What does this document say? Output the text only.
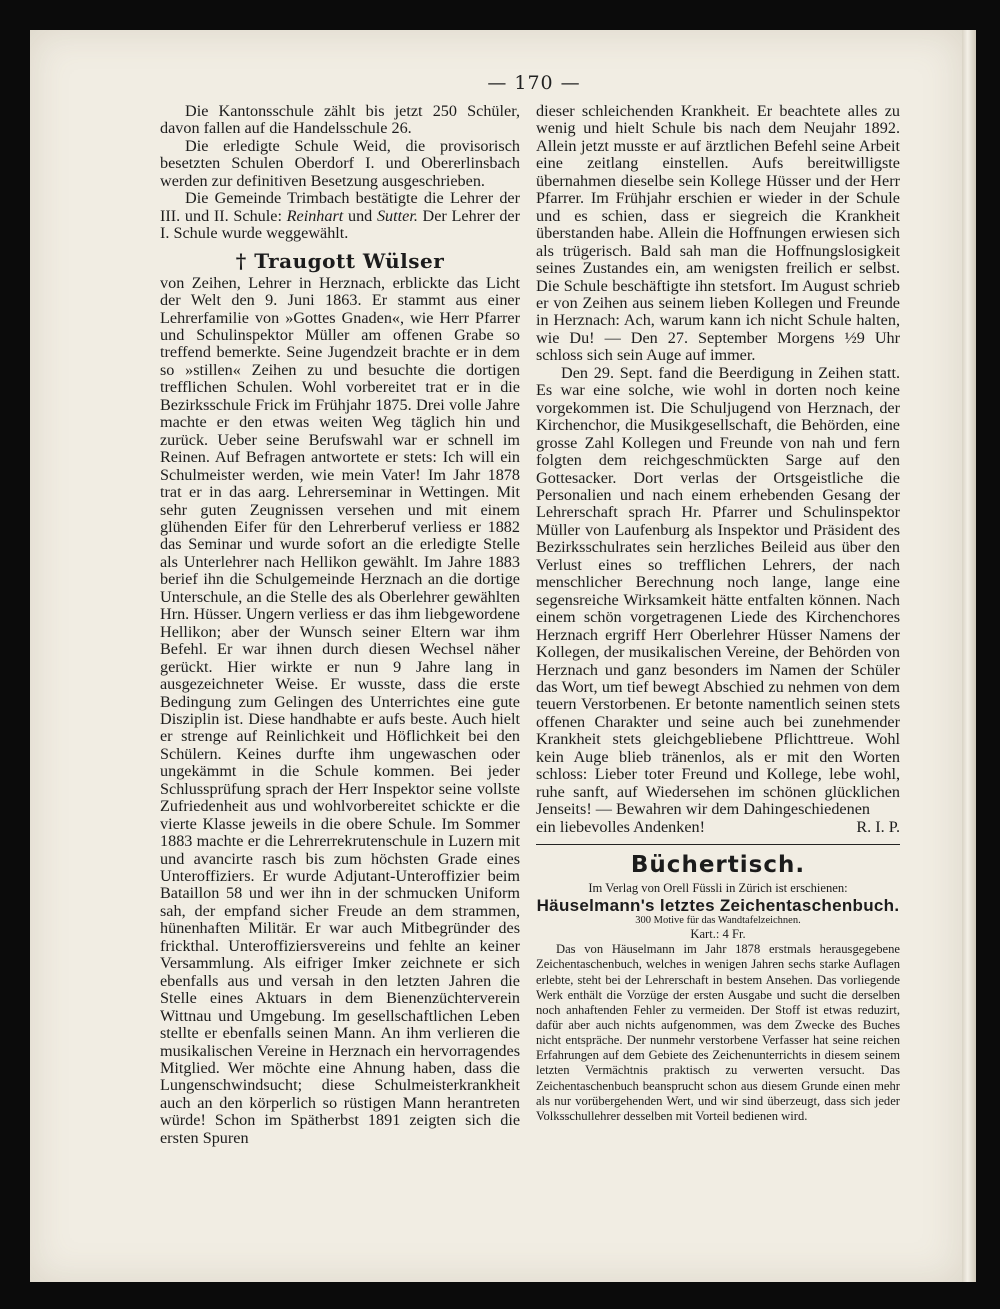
— 170 —

Die Kantonsschule zählt bis jetzt 250 Schüler, davon fallen auf die Handelsschule 26.

Die erledigte Schule Weid, die provisorisch besetzten Schulen Oberdorf I. und Obererlinsbach werden zur definitiven Besetzung ausgeschrieben.

Die Gemeinde Trimbach bestätigte die Lehrer der III. und II. Schule: Reinhart und Sutter. Der Lehrer der I. Schule wurde weggewählt.

† Traugott Wülser

von Zeihen, Lehrer in Herznach, erblickte das Licht der Welt den 9. Juni 1863. Er stammt aus einer Lehrerfamilie von »Gottes Gnaden«, wie Herr Pfarrer und Schulinspektor Müller am offenen Grabe so treffend bemerkte. Seine Jugendzeit brachte er in dem so »stillen« Zeihen zu und besuchte die dortigen trefflichen Schulen. Wohl vorbereitet trat er in die Bezirksschule Frick im Frühjahr 1875. Drei volle Jahre machte er den etwas weiten Weg täglich hin und zurück. Ueber seine Berufswahl war er schnell im Reinen. Auf Befragen antwortete er stets: Ich will ein Schulmeister werden, wie mein Vater! Im Jahr 1878 trat er in das aarg. Lehrerseminar in Wettingen. Mit sehr guten Zeugnissen versehen und mit einem glühenden Eifer für den Lehrerberuf verliess er 1882 das Seminar und wurde sofort an die erledigte Stelle als Unterlehrer nach Hellikon gewählt. Im Jahre 1883 berief ihn die Schulgemeinde Herznach an die dortige Unterschule, an die Stelle des als Oberlehrer gewählten Hrn. Hüsser. Ungern verliess er das ihm liebgewordene Hellikon; aber der Wunsch seiner Eltern war ihm Befehl. Er war ihnen durch diesen Wechsel näher gerückt. Hier wirkte er nun 9 Jahre lang in ausgezeichneter Weise. Er wusste, dass die erste Bedingung zum Gelingen des Unterrichtes eine gute Disziplin ist. Diese handhabte er aufs beste. Auch hielt er strenge auf Reinlichkeit und Höflichkeit bei den Schülern. Keines durfte ihm ungewaschen oder ungekämmt in die Schule kommen. Bei jeder Schlussprüfung sprach der Herr Inspektor seine vollste Zufriedenheit aus und wohlvorbereitet schickte er die vierte Klasse jeweils in die obere Schule. Im Sommer 1883 machte er die Lehrerrekrutenschule in Luzern mit und avancirte rasch bis zum höchsten Grade eines Unteroffiziers. Er wurde Adjutant-Unteroffizier beim Bataillon 58 und wer ihn in der schmucken Uniform sah, der empfand sicher Freude an dem strammen, hünenhaften Militär. Er war auch Mitbegründer des frickthal. Unteroffiziersvereins und fehlte an keiner Versammlung. Als eifriger Imker zeichnete er sich ebenfalls aus und versah in den letzten Jahren die Stelle eines Aktuars in dem Bienenzüchterverein Wittnau und Umgebung. Im gesellschaftlichen Leben stellte er ebenfalls seinen Mann. An ihm verlieren die musikalischen Vereine in Herznach ein hervorragendes Mitglied. Wer möchte eine Ahnung haben, dass die Lungenschwindsucht; diese Schulmeisterkrankheit auch an den körperlich so rüstigen Mann herantreten würde! Schon im Spätherbst 1891 zeigten sich die ersten Spuren

dieser schleichenden Krankheit. Er beachtete alles zu wenig und hielt Schule bis nach dem Neujahr 1892. Allein jetzt musste er auf ärztlichen Befehl seine Arbeit eine zeitlang einstellen. Aufs bereitwilligste übernahmen dieselbe sein Kollege Hüsser und der Herr Pfarrer. Im Frühjahr erschien er wieder in der Schule und es schien, dass er siegreich die Krankheit überstanden habe. Allein die Hoffnungen erwiesen sich als trügerisch. Bald sah man die Hoffnungslosigkeit seines Zustandes ein, am wenigsten freilich er selbst. Die Schule beschäftigte ihn stetsfort. Im August schrieb er von Zeihen aus seinem lieben Kollegen und Freunde in Herznach: Ach, warum kann ich nicht Schule halten, wie Du! — Den 27. September Morgens ½9 Uhr schloss sich sein Auge auf immer.

Den 29. Sept. fand die Beerdigung in Zeihen statt. Es war eine solche, wie wohl in dorten noch keine vorgekommen ist. Die Schuljugend von Herznach, der Kirchenchor, die Musikgesellschaft, die Behörden, eine grosse Zahl Kollegen und Freunde von nah und fern folgten dem reichgeschmückten Sarge auf den Gottesacker. Dort verlas der Ortsgeistliche die Personalien und nach einem erhebenden Gesang der Lehrerschaft sprach Hr. Pfarrer und Schulinspektor Müller von Laufenburg als Inspektor und Präsident des Bezirksschulrates sein herzliches Beileid aus über den Verlust eines so trefflichen Lehrers, der nach menschlicher Berechnung noch lange, lange eine segensreiche Wirksamkeit hätte entfalten können. Nach einem schön vorgetragenen Liede des Kirchenchores Herznach ergriff Herr Oberlehrer Hüsser Namens der Kollegen, der musikalischen Vereine, der Behörden von Herznach und ganz besonders im Namen der Schüler das Wort, um tief bewegt Abschied zu nehmen von dem teuern Verstorbenen. Er betonte namentlich seinen stets offenen Charakter und seine auch bei zunehmender Krankheit stets gleichgebliebene Pflichttreue. Wohl kein Auge blieb tränenlos, als er mit den Worten schloss: Lieber toter Freund und Kollege, lebe wohl, ruhe sanft, auf Wiedersehen im schönen glücklichen Jenseits! — Bewahren wir dem Dahingeschiedenen

ein liebevolles Andenken!	R. I. P.
Büchertisch.
Im Verlag von Orell Füssli in Zürich ist erschienen:
Häuselmann's letztes Zeichentaschenbuch.
300 Motive für das Wandtafelzeichnen.
Kart.: 4 Fr.

Das von Häuselmann im Jahr 1878 erstmals herausgegebene Zeichentaschenbuch, welches in wenigen Jahren sechs starke Auflagen erlebte, steht bei der Lehrerschaft in bestem Ansehen. Das vorliegende Werk enthält die Vorzüge der ersten Ausgabe und sucht die derselben noch anhaftenden Fehler zu vermeiden. Der Stoff ist etwas reduzirt, dafür aber auch nichts aufgenommen, was dem Zwecke des Buches nicht entspräche. Der nunmehr verstorbene Verfasser hat seine reichen Erfahrungen auf dem Gebiete des Zeichenunterrichts in diesem seinem letzten Vermächtnis praktisch zu verwerten versucht. Das Zeichentaschenbuch beansprucht schon aus diesem Grunde einen mehr als nur vorübergehenden Wert, und wir sind überzeugt, dass sich jeder Volksschullehrer desselben mit Vorteil bedienen wird.
